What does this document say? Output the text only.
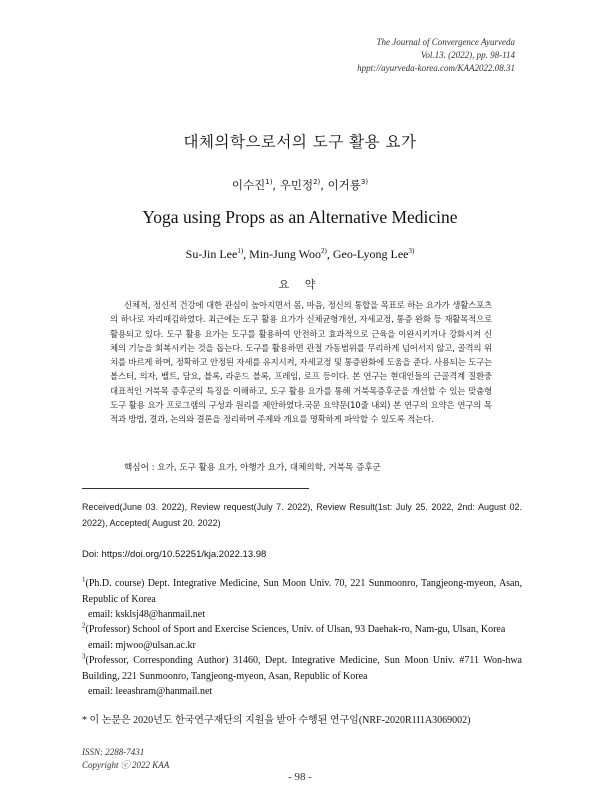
The Journal of Convergence Ayurveda
Vol.13. (2022), pp. 98-114
hppt://ayurveda-korea.com/KAA2022.08.31
대체의학으로서의 도구 활용 요가
이수진$^{1)}$, 우민정$^{2)}$, 이거룡$^{3)}$
Yoga using Props as an Alternative Medicine
Su-Jin Lee$^{1)}$, Min-Jung Woo$^{2)}$, Geo-Lyong Lee$^{3)}$
요 약
신체적, 정신적 건강에 대한 관심이 높아지면서 몸, 마음, 정신의 통합을 목표로 하는 요가가 생활스포츠의 하나로 자리매김하였다. 최근에는 도구 활용 요가가 신체균형개선, 자세교정, 통증 완화 등 재활목적으로 활용되고 있다. 도구 활용 요가는 도구를 활용하여 안전하고 효과적으로 근육을 이완시키거나 강화시켜 신체의 기능을 회복시키는 것을 돕는다. 도구를 활용하면 관절 가동범위를 무리하게 넘어서지 않고, 골격의 위치를 바르게 하며, 정확하고 안정된 자세를 유지시켜, 자세교정 및 통증완화에 도움을 준다. 사용되는 도구는 볼스터, 의자, 벨트, 담요, 블록, 라운드 블록, 프레임, 로프 등이다. 본 연구는 현대인들의 근골격계 질환중 대표적인 거북목 증후군의 특징을 이해하고, 도구 활용 요가를 통해 거북목증후군을 개선할 수 있는 맞춤형 도구 활용 요가 프로그램의 구성과 원리를 제안하였다.국문 요약문(10줄 내외) 본 연구의 요약은 연구의 목적과 방법, 결과, 논의와 결론을 정리하며 주제와 개요를 명확하게 파악할 수 있도록 적는다.
핵심어 : 요가, 도구 활용 요가, 아행가 요가, 대체의학, 거북목 증후군
Received(June 03. 2022), Review request(July 7. 2022), Review Result(1st: July 25. 2022, 2nd: August 02. 2022), Accepted( August 20. 2022)
Doi: https://doi.org/10.52251/kja.2022.13.98
$^1$(Ph.D. course) Dept. Integrative Medicine, Sun Moon Univ. 70, 221 Sunmoonro, Tangjeong-myeon, Asan, Republic of Korea
email: ksklsj48@hanmail.net
$^2$(Professor) School of Sport and Exercise Sciences, Univ. of Ulsan, 93 Daehak-ro, Nam-gu, Ulsan, Korea
email: mjwoo@ulsan.ac.kr
$^3$(Professor, Corresponding Author) 31460, Dept. Integrative Medicine, Sun Moon Univ. #711 Won-hwa Building, 221 Sunmoonro, Tangjeong-myeon, Asan, Republic of Korea
email: leeashram@hanmail.net
* 이 논문은 2020년도 한국연구재단의 지원을 받아 수행된 연구임(NRF-2020R1I1A3069002)
ISSN: 2288-7431
Copyright ⓒ 2022 KAA
- 98 -
